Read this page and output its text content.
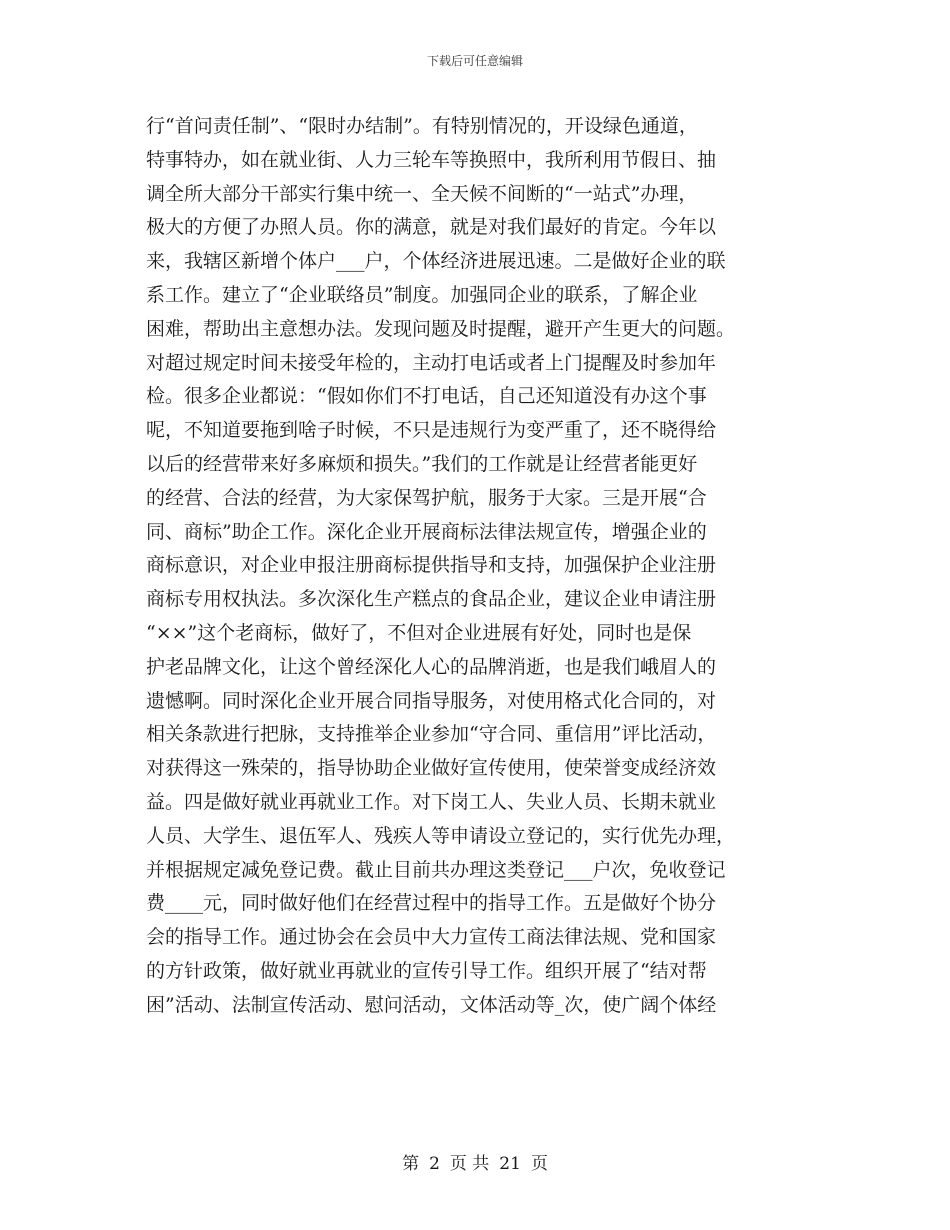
下载后可任意编辑
行“首问责任制”、“限时办结制”。有特别情况的，开设绿色通道，
特事特办，如在就业街、人力三轮车等换照中，我所利用节假日、抽
调全所大部分干部实行集中统一、全天候不间断的“一站式”办理，
极大的方便了办照人员。你的满意，就是对我们最好的肯定。今年以
来，我辖区新增个体户___户，个体经济进展迅速。二是做好企业的联
系工作。建立了“企业联络员”制度。加强同企业的联系，了解企业
困难，帮助出主意想办法。发现问题及时提醒，避开产生更大的问题。
对超过规定时间未接受年检的，主动打电话或者上门提醒及时参加年
检。很多企业都说：“假如你们不打电话，自己还知道没有办这个事
呢，不知道要拖到啥子时候，不只是违规行为变严重了，还不晓得给
以后的经营带来好多麻烦和损失。”我们的工作就是让经营者能更好
的经营、合法的经营，为大家保驾护航，服务于大家。三是开展“合
同、商标”助企工作。深化企业开展商标法律法规宣传，增强企业的
商标意识，对企业申报注册商标提供指导和支持，加强保护企业注册
商标专用权执法。多次深化生产糕点的食品企业，建议企业申请注册
“××”这个老商标，做好了，不但对企业进展有好处，同时也是保
护老品牌文化，让这个曾经深化人心的品牌消逝，也是我们峨眉人的
遗憾啊。同时深化企业开展合同指导服务，对使用格式化合同的，对
相关条款进行把脉，支持推举企业参加“守合同、重信用”评比活动，
对获得这一殊荣的，指导协助企业做好宣传使用，使荣誉变成经济效
益。四是做好就业再就业工作。对下岗工人、失业人员、长期未就业
人员、大学生、退伍军人、残疾人等申请设立登记的，实行优先办理，
并根据规定减免登记费。截止目前共办理这类登记___户次，免收登记
费____元，同时做好他们在经营过程中的指导工作。五是做好个协分
会的指导工作。通过协会在会员中大力宣传工商法律法规、党和国家
的方针政策，做好就业再就业的宣传引导工作。组织开展了“结对帮
困”活动、法制宣传活动、慰问活动，文体活动等_次，使广阔个体经
第 2 页 共 21 页
